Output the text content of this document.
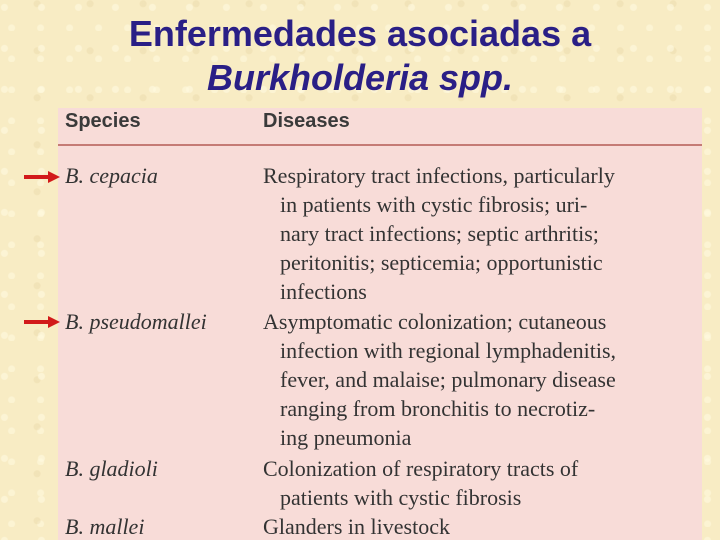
Enfermedades asociadas a
Burkholderia spp.
Species	Diseases
B. cepacia	Respiratory tract infections, particularly
in patients with cystic fibrosis; uri-
nary tract infections; septic arthritis;
peritonitis; septicemia; opportunistic
infections
B. pseudomallei	Asymptomatic colonization; cutaneous
infection with regional lymphadenitis,
fever, and malaise; pulmonary disease
ranging from bronchitis to necrotiz-
ing pneumonia
B. gladioli	Colonization of respiratory tracts of
patients with cystic fibrosis
B. mallei	Glanders in livestock
